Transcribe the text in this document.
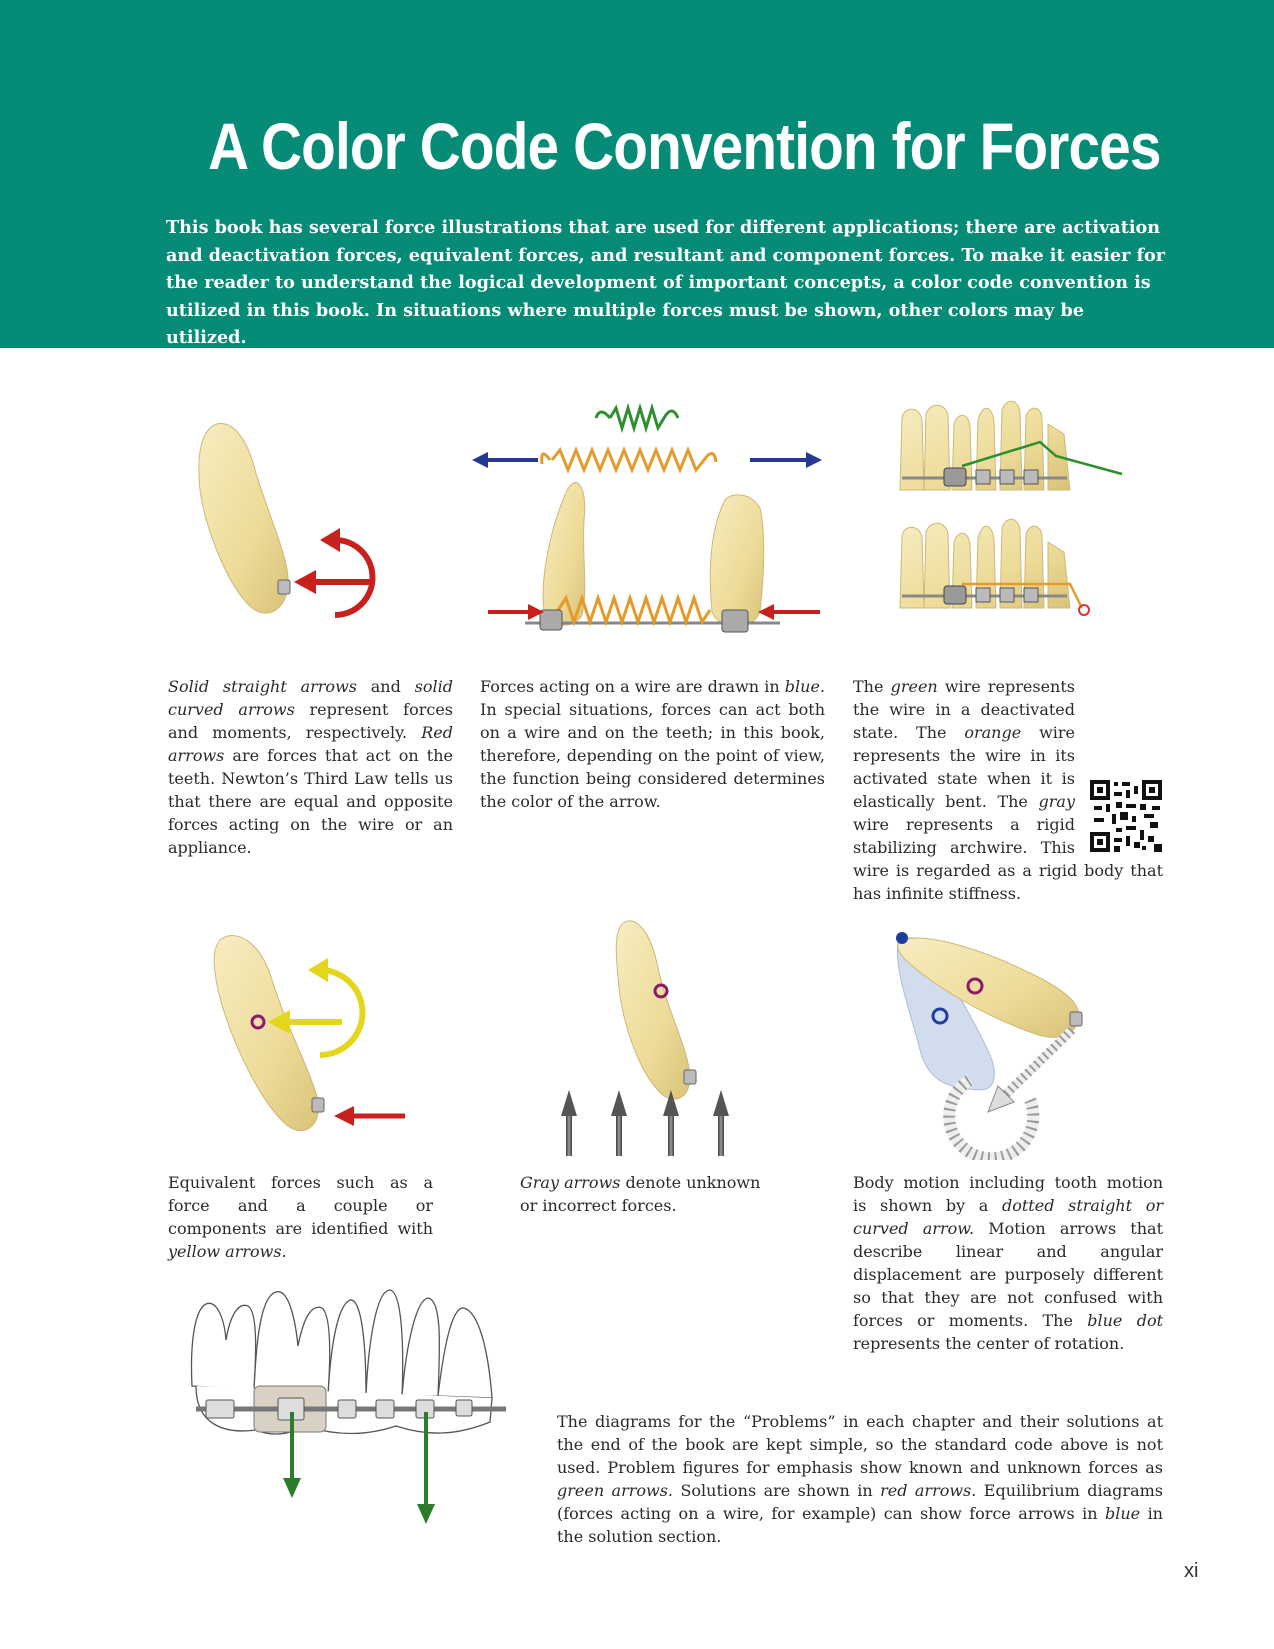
A Color Code Convention for Forces

This book has several force illustrations that are used for different applications; there are activation and deactivation forces, equivalent forces, and resultant and component forces. To make it easier for the reader to understand the logical development of important concepts, a color code convention is utilized in this book. In situations where multiple forces must be shown, other colors may be utilized.

Solid straight arrows and solid curved arrows represent forces and moments, respectively. Red arrows are forces that act on the teeth. Newton’s Third Law tells us that there are equal and opposite forces acting on the wire or an appliance.

Forces acting on a wire are drawn in blue. In special situations, forces can act both on a wire and on the teeth; in this book, therefore, depending on the point of view, the function being considered determines the color of the arrow.

The green wire represents the wire in a deactivated state. The orange wire represents the wire in its activated state when it is elastically bent. The gray wire represents a rigid stabilizing archwire. This wire is regarded as a rigid body that has infinite stiffness.

Equivalent forces such as a force and a couple or components are identified with yellow arrows.

Gray arrows denote unknown or incorrect forces.

Body motion including tooth motion is shown by a dotted straight or curved arrow. Motion arrows that describe linear and angular displacement are purposely different so that they are not confused with forces or moments. The blue dot represents the center of rotation.

The diagrams for the “Problems” in each chapter and their solutions at the end of the book are kept simple, so the standard code above is not used. Problem figures for emphasis show known and unknown forces as green arrows. Solutions are shown in red arrows. Equilibrium diagrams (forces acting on a wire, for example) can show force arrows in blue in the solution section.

xi
